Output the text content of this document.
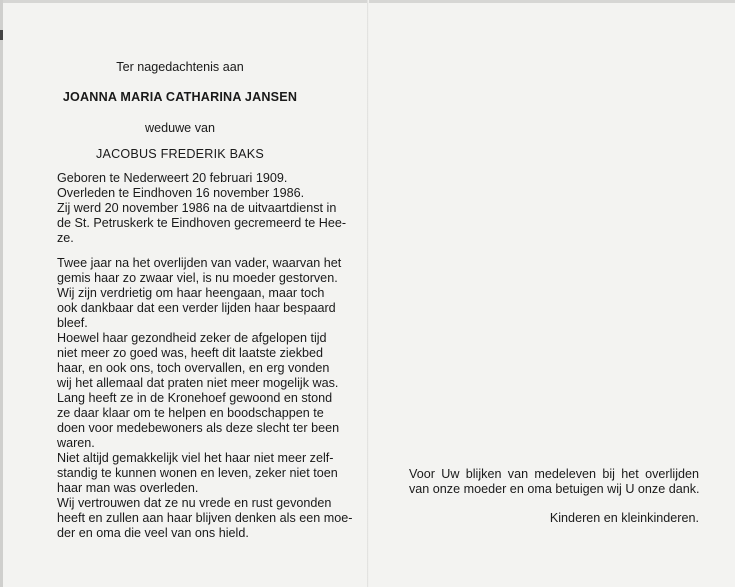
Ter nagedachtenis aan
JOANNA MARIA CATHARINA JANSEN
weduwe van
JACOBUS FREDERIK BAKS
Geboren te Nederweert 20 februari 1909.
Overleden te Eindhoven 16 november 1986.
Zij werd 20 november 1986 na de uitvaartdienst in
de St. Petruskerk te Eindhoven gecremeerd te Hee-
ze.
Twee jaar na het overlijden van vader, waarvan het
gemis haar zo zwaar viel, is nu moeder gestorven.
Wij zijn verdrietig om haar heengaan, maar toch
ook dankbaar dat een verder lijden haar bespaard
bleef.
Hoewel haar gezondheid zeker de afgelopen tijd
niet meer zo goed was, heeft dit laatste ziekbed
haar, en ook ons, toch overvallen, en erg vonden
wij het allemaal dat praten niet meer mogelijk was.
Lang heeft ze in de Kronehoef gewoond en stond
ze daar klaar om te helpen en boodschappen te
doen voor medebewoners als deze slecht ter been
waren.
Niet altijd gemakkelijk viel het haar niet meer zelf-
standig te kunnen wonen en leven, zeker niet toen
haar man was overleden.
Wij vertrouwen dat ze nu vrede en rust gevonden
heeft en zullen aan haar blijven denken als een moe-
der en oma die veel van ons hield.
Voor Uw blijken van medeleven bij het overlijden
van onze moeder en oma betuigen wij U onze dank.
Kinderen en kleinkinderen.
